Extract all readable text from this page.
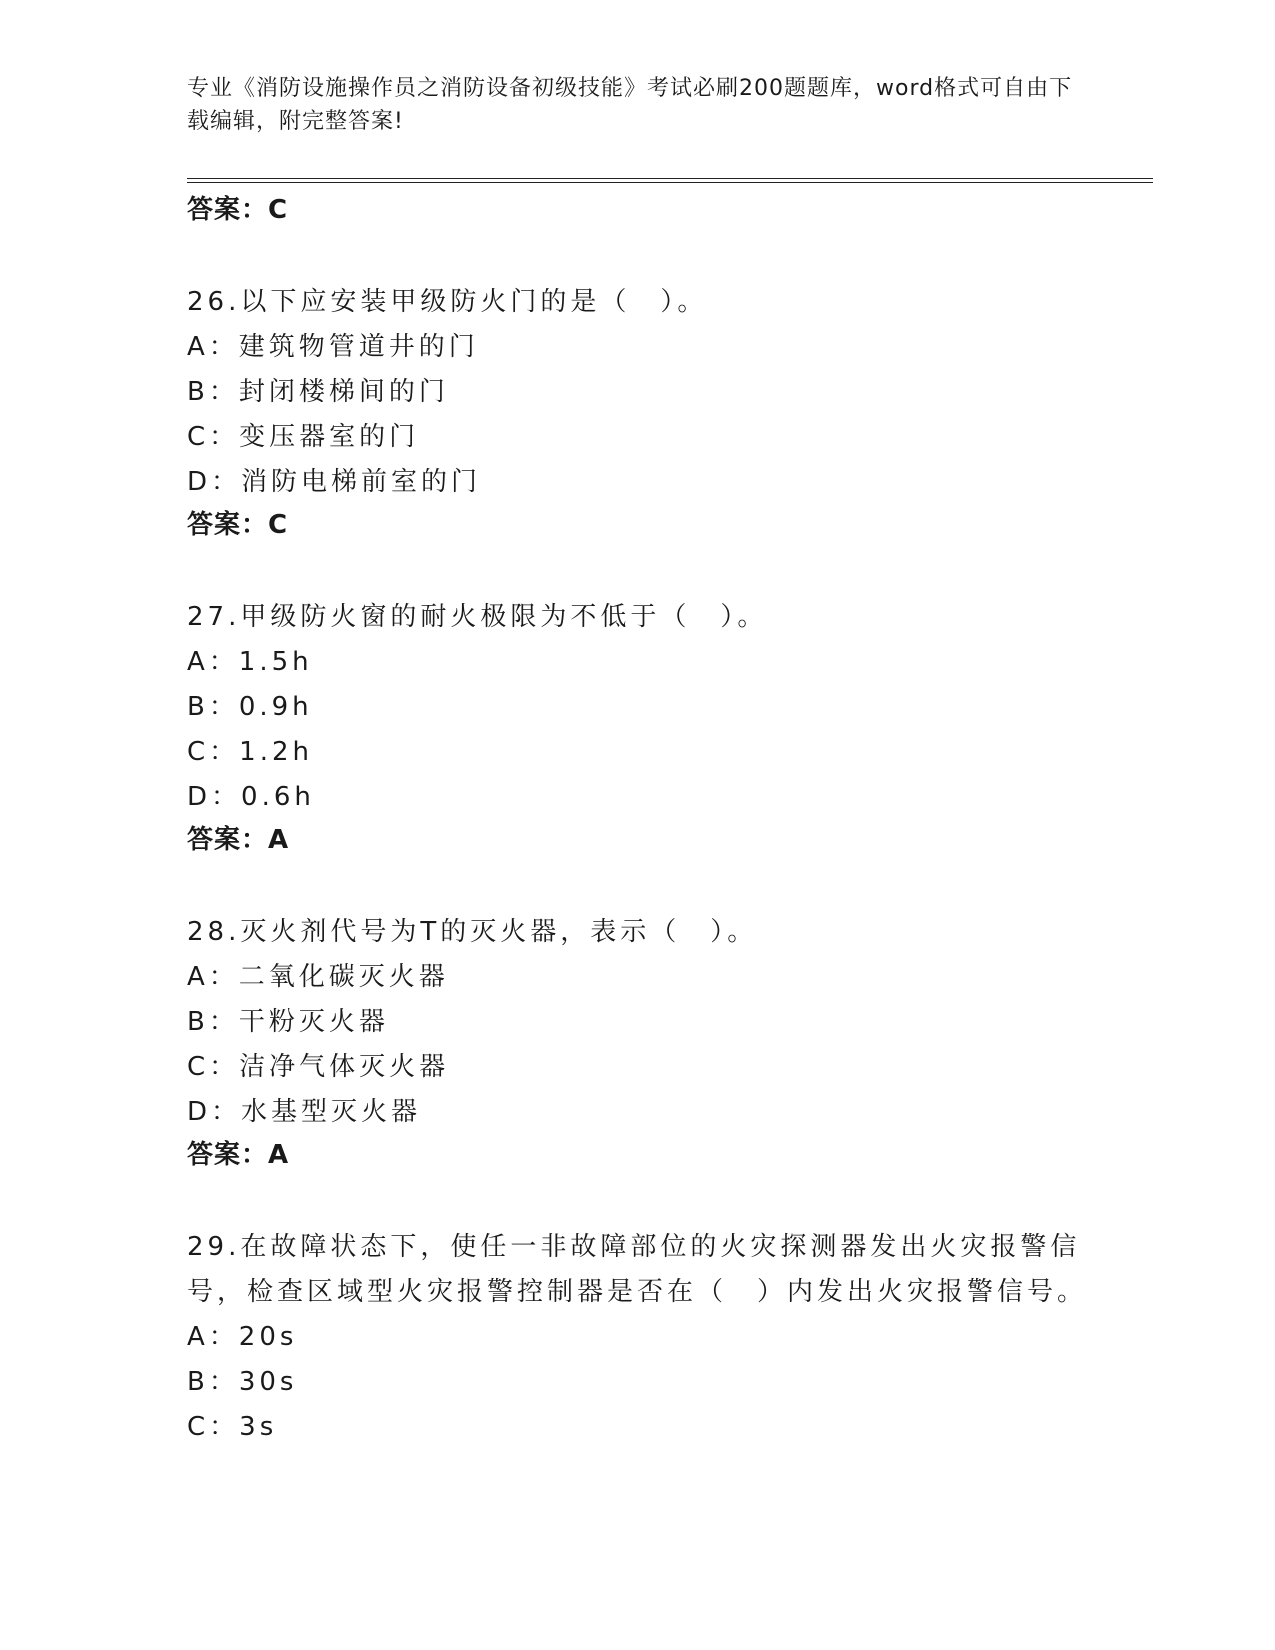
专业《消防设施操作员之消防设备初级技能》考试必刷200题题库，word格式可自由下载编辑，附完整答案!
答案：C
26.以下应安装甲级防火门的是（　）。
A：建筑物管道井的门
B：封闭楼梯间的门
C：变压器室的门
D：消防电梯前室的门
答案：C
27.甲级防火窗的耐火极限为不低于（　）。
A：1.5h
B：0.9h
C：1.2h
D：0.6h
答案：A
28.灭火剂代号为T的灭火器，表示（　）。
A：二氧化碳灭火器
B：干粉灭火器
C：洁净气体灭火器
D：水基型灭火器
答案：A
29.在故障状态下，使任一非故障部位的火灾探测器发出火灾报警信号，检查区域型火灾报警控制器是否在（　）内发出火灾报警信号。
A：20s
B：30s
C：3s
